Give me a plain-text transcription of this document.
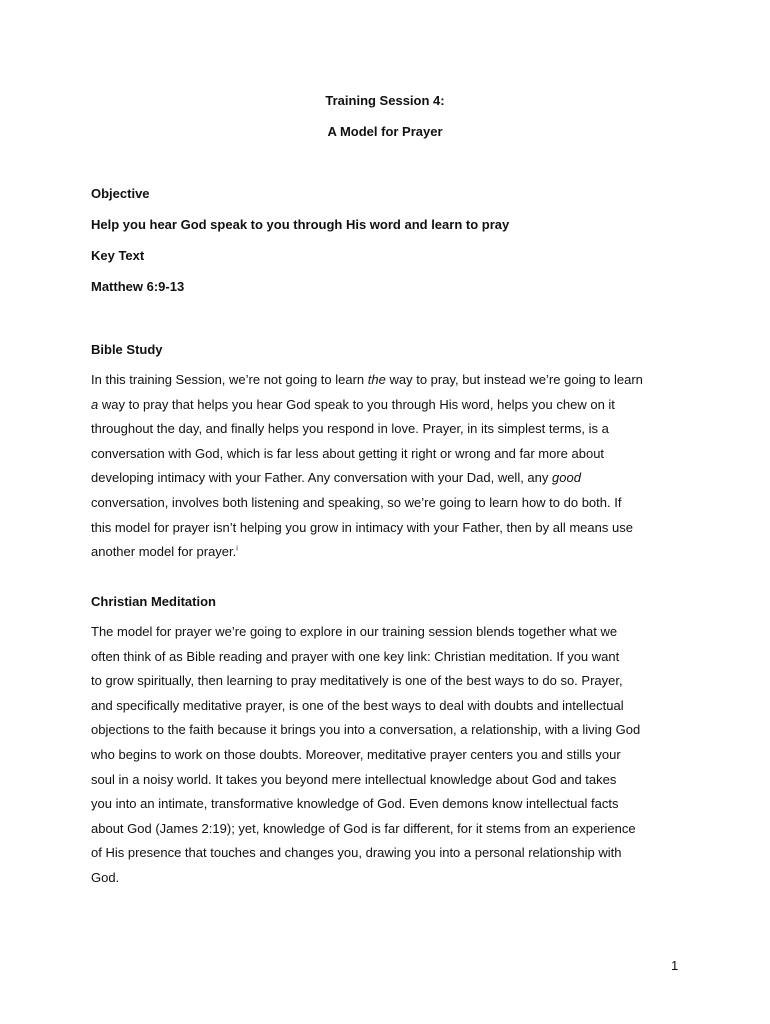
Training Session 4:
A Model for Prayer
Objective
Help you hear God speak to you through His word and learn to pray
Key Text
Matthew 6:9-13
Bible Study
In this training Session, we’re not going to learn the way to pray, but instead we’re going to learn
a way to pray that helps you hear God speak to you through His word, helps you chew on it
throughout the day, and finally helps you respond in love. Prayer, in its simplest terms, is a
conversation with God, which is far less about getting it right or wrong and far more about
developing intimacy with your Father. Any conversation with your Dad, well, any good
conversation, involves both listening and speaking, so we’re going to learn how to do both. If
this model for prayer isn’t helping you grow in intimacy with your Father, then by all means use
another model for prayer.$^i$
Christian Meditation
The model for prayer we’re going to explore in our training session blends together what we
often think of as Bible reading and prayer with one key link: Christian meditation. If you want
to grow spiritually, then learning to pray meditatively is one of the best ways to do so. Prayer,
and specifically meditative prayer, is one of the best ways to deal with doubts and intellectual
objections to the faith because it brings you into a conversation, a relationship, with a living God
who begins to work on those doubts. Moreover, meditative prayer centers you and stills your
soul in a noisy world. It takes you beyond mere intellectual knowledge about God and takes
you into an intimate, transformative knowledge of God. Even demons know intellectual facts
about God (James 2:19); yet, knowledge of God is far different, for it stems from an experience
of His presence that touches and changes you, drawing you into a personal relationship with
God.
1
